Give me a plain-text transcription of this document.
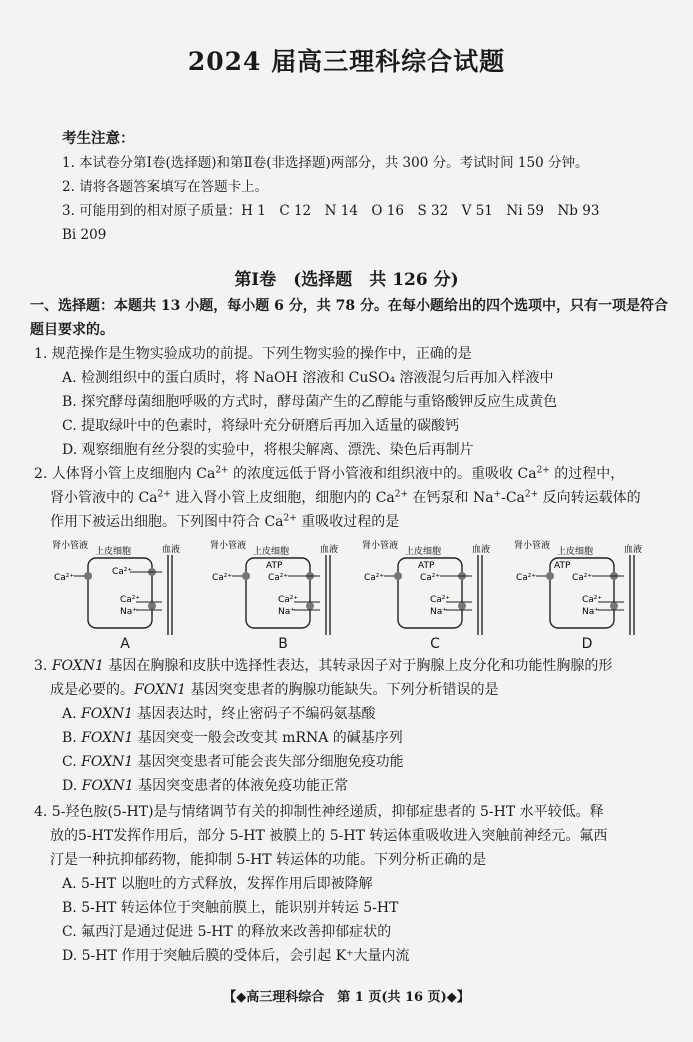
2024 届高三理科综合试题
考生注意：
1. 本试卷分第Ⅰ卷(选择题)和第Ⅱ卷(非选择题)两部分，共 300 分。考试时间 150 分钟。
2. 请将各题答案填写在答题卡上。
3. 可能用到的相对原子质量：H 1　C 12　N 14　O 16　S 32　V 51　Ni 59　Nb 93
Bi 209
第Ⅰ卷　(选择题　共 126 分)
一、选择题：本题共 13 小题，每小题 6 分，共 78 分。在每小题给出的四个选项中，只有一项是符合题目要求的。
1. 规范操作是生物实验成功的前提。下列生物实验的操作中，正确的是
A. 检测组织中的蛋白质时，将 NaOH 溶液和 CuSO₄ 溶液混匀后再加入样液中
B. 探究酵母菌细胞呼吸的方式时，酵母菌产生的乙醇能与重铬酸钾反应生成黄色
C. 提取绿叶中的色素时，将绿叶充分研磨后再加入适量的碳酸钙
D. 观察细胞有丝分裂的实验中，将根尖解离、漂洗、染色后再制片
2. 人体肾小管上皮细胞内 $Ca^{2+}$ 的浓度远低于肾小管液和组织液中的。重吸收 $Ca^{2+}$ 的过程中，
肾小管液中的 $Ca^{2+}$ 进入肾小管上皮细胞，细胞内的 $Ca^{2+}$ 在钙泵和 $Na^+-Ca^{2+}$ 反向转运载体的
作用下被运出细胞。下列图中符合 $Ca^{2+}$ 重吸收过程的是
肾小管液
上皮细胞	血液
Ca²⁺
Ca²⁺
Ca²⁺
Na⁺
A
肾小管液
上皮细胞	血液
Ca²⁺
ATP
Ca²⁺
Ca²⁺
Na⁺
B
肾小管液
上皮细胞	血液
Ca²⁺
ATP
Ca²⁺
Ca²⁺
Na⁺
C
肾小管液
上皮细胞	血液
Ca²⁺
ATP
Ca²⁺
Ca²⁺
Na⁺
D
3. FOXN1 基因在胸腺和皮肤中选择性表达，其转录因子对于胸腺上皮分化和功能性胸腺的形
成是必要的。FOXN1 基因突变患者的胸腺功能缺失。下列分析错误的是
A. FOXN1 基因表达时，终止密码子不编码氨基酸
B. FOXN1 基因突变一般会改变其 mRNA 的碱基序列
C. FOXN1 基因突变患者可能会丧失部分细胞免疫功能
D. FOXN1 基因突变患者的体液免疫功能正常
4. 5-羟色胺(5-HT)是与情绪调节有关的抑制性神经递质，抑郁症患者的 5-HT 水平较低。释
放的5-HT发挥作用后，部分 5-HT 被膜上的 5-HT 转运体重吸收进入突触前神经元。氟西
汀是一种抗抑郁药物，能抑制 5-HT 转运体的功能。下列分析正确的是
A. 5-HT 以胞吐的方式释放，发挥作用后即被降解
B. 5-HT 转运体位于突触前膜上，能识别并转运 5-HT
C. 氟西汀是通过促进 5-HT 的释放来改善抑郁症状的
D. 5-HT 作用于突触后膜的受体后，会引起 K⁺大量内流
【◆高三理科综合　第 1 页(共 16 页)◆】
